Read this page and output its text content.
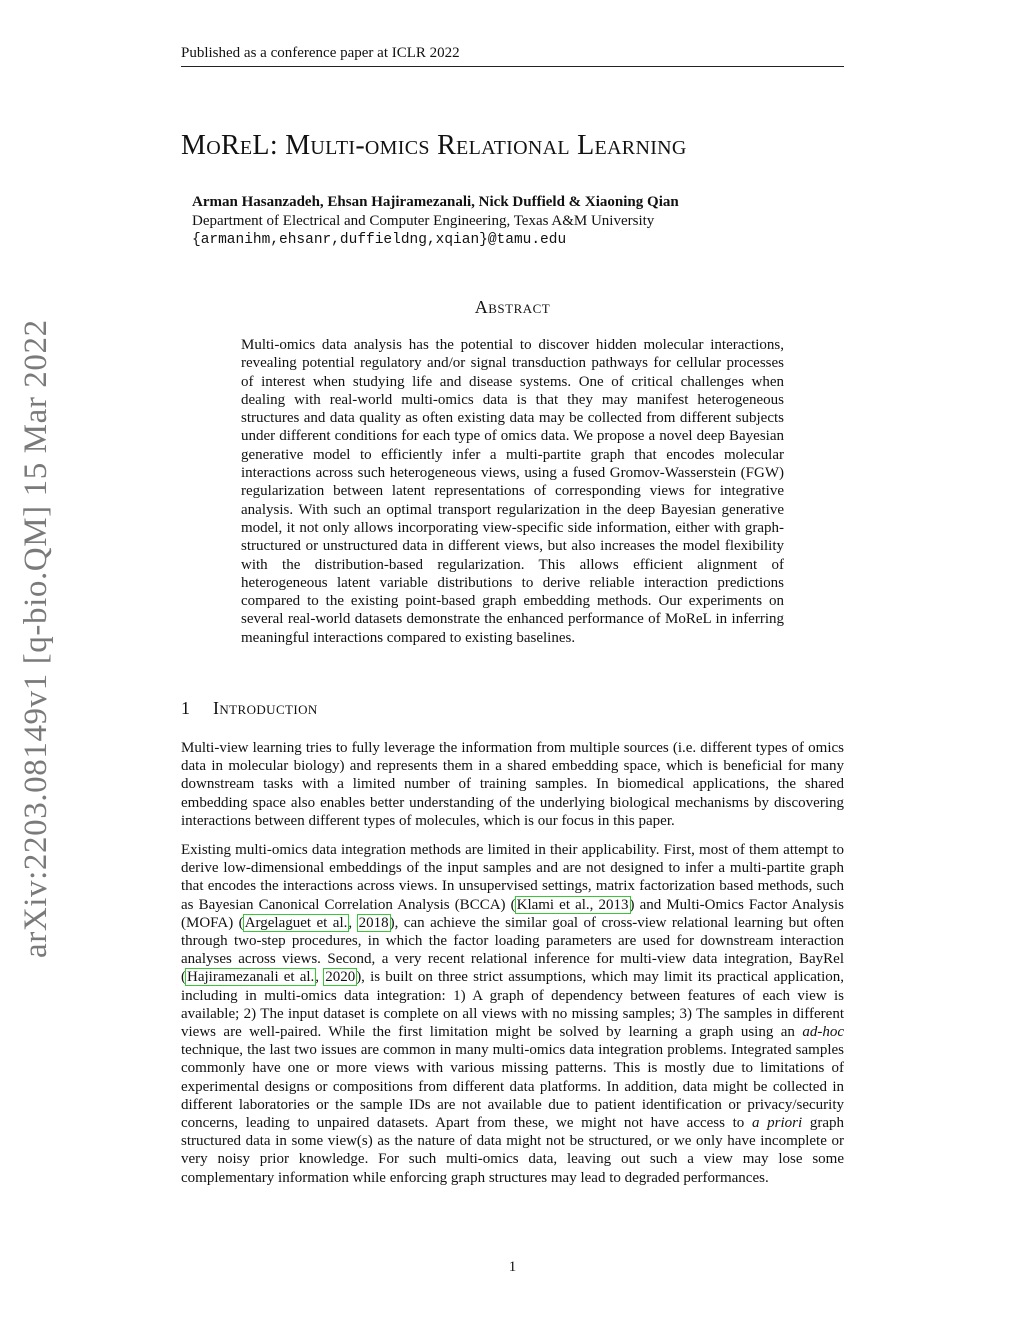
Published as a conference paper at ICLR 2022
MoReL: Multi-omics Relational Learning
Arman Hasanzadeh, Ehsan Hajiramezanali, Nick Duffield & Xiaoning Qian
Department of Electrical and Computer Engineering, Texas A&M University
{armanihm,ehsanr,duffieldng,xqian}@tamu.edu
Abstract

Multi-omics data analysis has the potential to discover hidden molecular interactions, revealing potential regulatory and/or signal transduction pathways for cellular processes of interest when studying life and disease systems. One of critical challenges when dealing with real-world multi-omics data is that they may manifest heterogeneous structures and data quality as often existing data may be collected from different subjects under different conditions for each type of omics data. We propose a novel deep Bayesian generative model to efficiently infer a multi-partite graph that encodes molecular interactions across such heterogeneous views, using a fused Gromov-Wasserstein (FGW) regularization between latent representations of corresponding views for integrative analysis. With such an optimal transport regularization in the deep Bayesian generative model, it not only allows incorporating view-specific side information, either with graph-structured or unstructured data in different views, but also increases the model flexibility with the distribution-based regularization. This allows efficient alignment of heterogeneous latent variable distributions to derive reliable interaction predictions compared to the existing point-based graph embedding methods. Our experiments on several real-world datasets demonstrate the enhanced performance of MoReL in inferring meaningful interactions compared to existing baselines.

arXiv:2203.08149v1 [q-bio.QM] 15 Mar 2022	1 Introduction

Multi-view learning tries to fully leverage the information from multiple sources (i.e. different types of omics data in molecular biology) and represents them in a shared embedding space, which is beneficial for many downstream tasks with a limited number of training samples. In biomedical applications, the shared embedding space also enables better understanding of the underlying biological mechanisms by discovering interactions between different types of molecules, which is our focus in this paper.

Existing multi-omics data integration methods are limited in their applicability. First, most of them attempt to derive low-dimensional embeddings of the input samples and are not designed to infer a multi-partite graph that encodes the interactions across views. In unsupervised settings, matrix factorization based methods, such as Bayesian Canonical Correlation Analysis (BCCA) (Klami et al., 2013) and Multi-Omics Factor Analysis (MOFA) (Argelaguet et al., 2018), can achieve the similar goal of cross-view relational learning but often through two-step procedures, in which the factor loading parameters are used for downstream interaction analyses across views. Second, a very recent relational inference for multi-view data integration, BayRel (Hajiramezanali et al., 2020), is built on three strict assumptions, which may limit its practical application, including in multi-omics data integration: 1) A graph of dependency between features of each view is available; 2) The input dataset is complete on all views with no missing samples; 3) The samples in different views are well-paired. While the first limitation might be solved by learning a graph using an ad-hoc technique, the last two issues are common in many multi-omics data integration problems. Integrated samples commonly have one or more views with various missing patterns. This is mostly due to limitations of experimental designs or compositions from different data platforms. In addition, data might be collected in different laboratories or the sample IDs are not available due to patient identification or privacy/security concerns, leading to unpaired datasets. Apart from these, we might not have access to a priori graph structured data in some view(s) as the nature of data might not be structured, or we only have incomplete or very noisy prior knowledge. For such multi-omics data, leaving out such a view may lose some complementary information while enforcing graph structures may lead to degraded performances.

1
